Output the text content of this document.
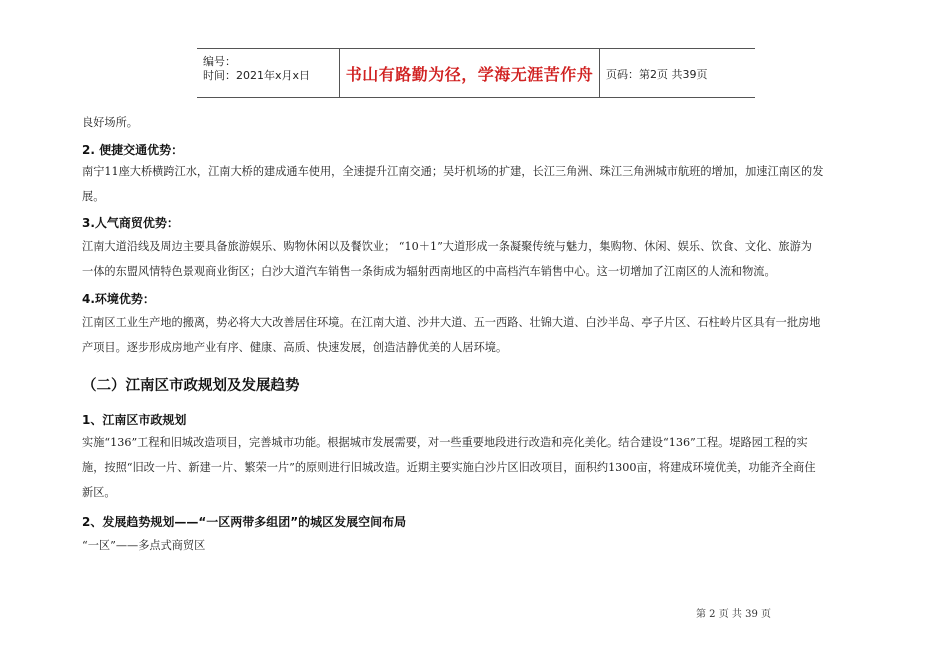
编号：
时间：2021年x月x日	书山有路勤为径，学海无涯苦作舟	页码：第2页 共39页
良好场所。
2. 便捷交通优势：
南宁11座大桥横跨江水，江南大桥的建成通车使用，全速提升江南交通；吴圩机场的扩建，长江三角洲、珠江三角洲城市航班的增加，加速江南区的发
展。
3.人气商贸优势：
江南大道沿线及周边主要具备旅游娱乐、购物休闲以及餐饮业； “10＋1”大道形成一条凝聚传统与魅力，集购物、休闲、娱乐、饮食、文化、旅游为
一体的东盟风情特色景观商业街区；白沙大道汽车销售一条街成为辐射西南地区的中高档汽车销售中心。这一切增加了江南区的人流和物流。
4.环境优势：
江南区工业生产地的搬离，势必将大大改善居住环境。在江南大道、沙井大道、五一西路、壮锦大道、白沙半岛、亭子片区、石柱岭片区具有一批房地
产项目。逐步形成房地产业有序、健康、高质、快速发展，创造洁静优美的人居环境。
（二）江南区市政规划及发展趋势
1、江南区市政规划
实施“136”工程和旧城改造项目，完善城市功能。根据城市发展需要，对一些重要地段进行改造和亮化美化。结合建设“136”工程。堤路园工程的实
施，按照“旧改一片、新建一片、繁荣一片”的原则进行旧城改造。近期主要实施白沙片区旧改项目，面积约1300亩，将建成环境优美，功能齐全商住
新区。
2、发展趋势规划——“一区两带多组团”的城区发展空间布局
“一区”——多点式商贸区
第 2 页 共 39 页
